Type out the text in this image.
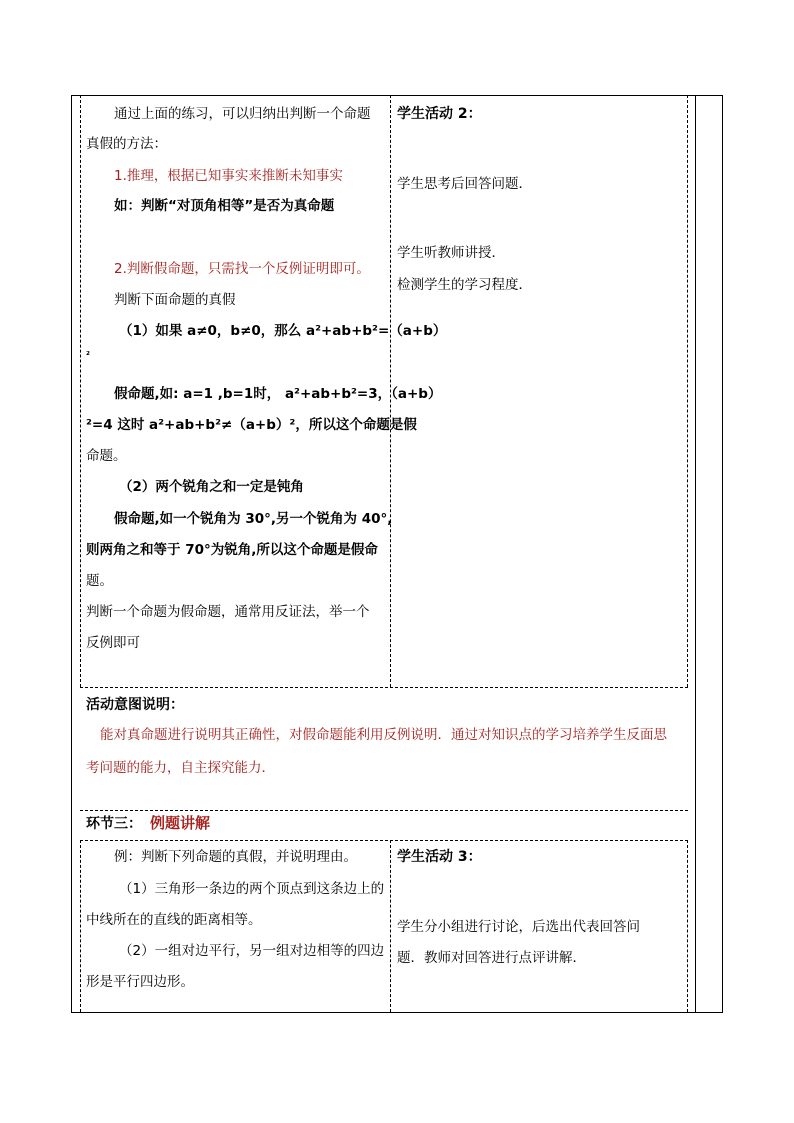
通过上面的练习，可以归纳出判断一个命题
真假的方法：
1.推理，根据已知事实来推断未知事实
如：判断“对顶角相等”是否为真命题
2.判断假命题，只需找一个反例证明即可。
判断下面命题的真假
（1）如果 a≠0，b≠0，那么 a²+ab+b²=（a+b）
²
假命题,如: a=1 ,b=1时， a²+ab+b²=3，（a+b）
²=4 这时 a²+ab+b²≠（a+b）²，所以这个命题是假
命题。
（2）两个锐角之和一定是钝角
假命题,如一个锐角为 30°,另一个锐角为 40°,
则两角之和等于 70°为锐角,所以这个命题是假命
题。
判断一个命题为假命题，通常用反证法，举一个
反例即可
学生活动 2：
学生思考后回答问题．
学生听教师讲授．
检测学生的学习程度．
活动意图说明：
能对真命题进行说明其正确性，对假命题能利用反例说明．通过对知识点的学习培养学生反面思
考问题的能力，自主探究能力．
环节三： 例题讲解
例：判断下列命题的真假，并说明理由。
（1）三角形一条边的两个顶点到这条边上的
中线所在的直线的距离相等。
（2）一组对边平行，另一组对边相等的四边
形是平行四边形。
学生活动 3：
学生分小组进行讨论，后选出代表回答问
题．教师对回答进行点评讲解．
